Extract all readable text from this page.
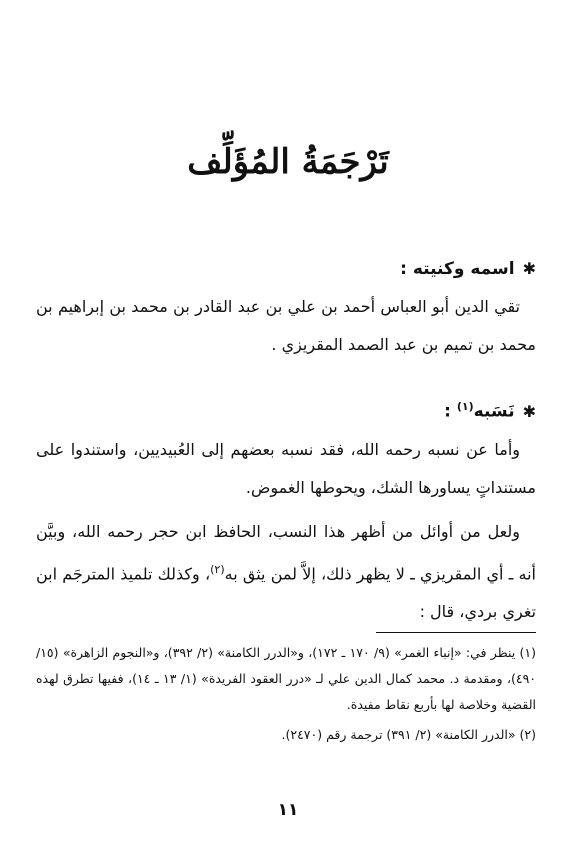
تَرْجَمَةُ المُؤَلِّف
✱اسمه وكنيته :

تقي الدين أبو العباس أحمد بن علي بن عبد القادر بن محمد بن إبراهيم بن محمد بن تميم بن عبد الصمد المقريزي .

✱نَسَبه$^{(١)}$ :

وأما عن نسبه رحمه الله، فقد نسبه بعضهم إلى العُبيديين، واستندوا على مستنداتٍ يساورها الشك، ويحوطها الغموض.

ولعل من أوائل من أظهر هذا النسب، الحافظ ابن حجر رحمه الله، وبيَّن أنه ـ أي المقريزي ـ لا يظهر ذلك، إلاَّ لمن يثق به$^{(٢)}$، وكذلك تلميذ المترجَم ابن تغري بردي، قال :

(١) ينظر في: «إنباء الغمر» (٩/ ١٧٠ ـ ١٧٢)، و«الدرر الكامنة» (٢/ ٣٩٢)، و«النجوم الزاهرة» (١٥/ ٤٩٠)، ومقدمة د. محمد كمال الدين علي لـ «درر العقود الفريدة» (١/ ١٣ ـ ١٤)، ففيها تطرق لهذه القضية وخلاصة لها بأربع نقاط مفيدة.

(٢) «الدرر الكامنة» (٢/ ٣٩١) ترجمة رقم (٢٤٧٠).

١١
